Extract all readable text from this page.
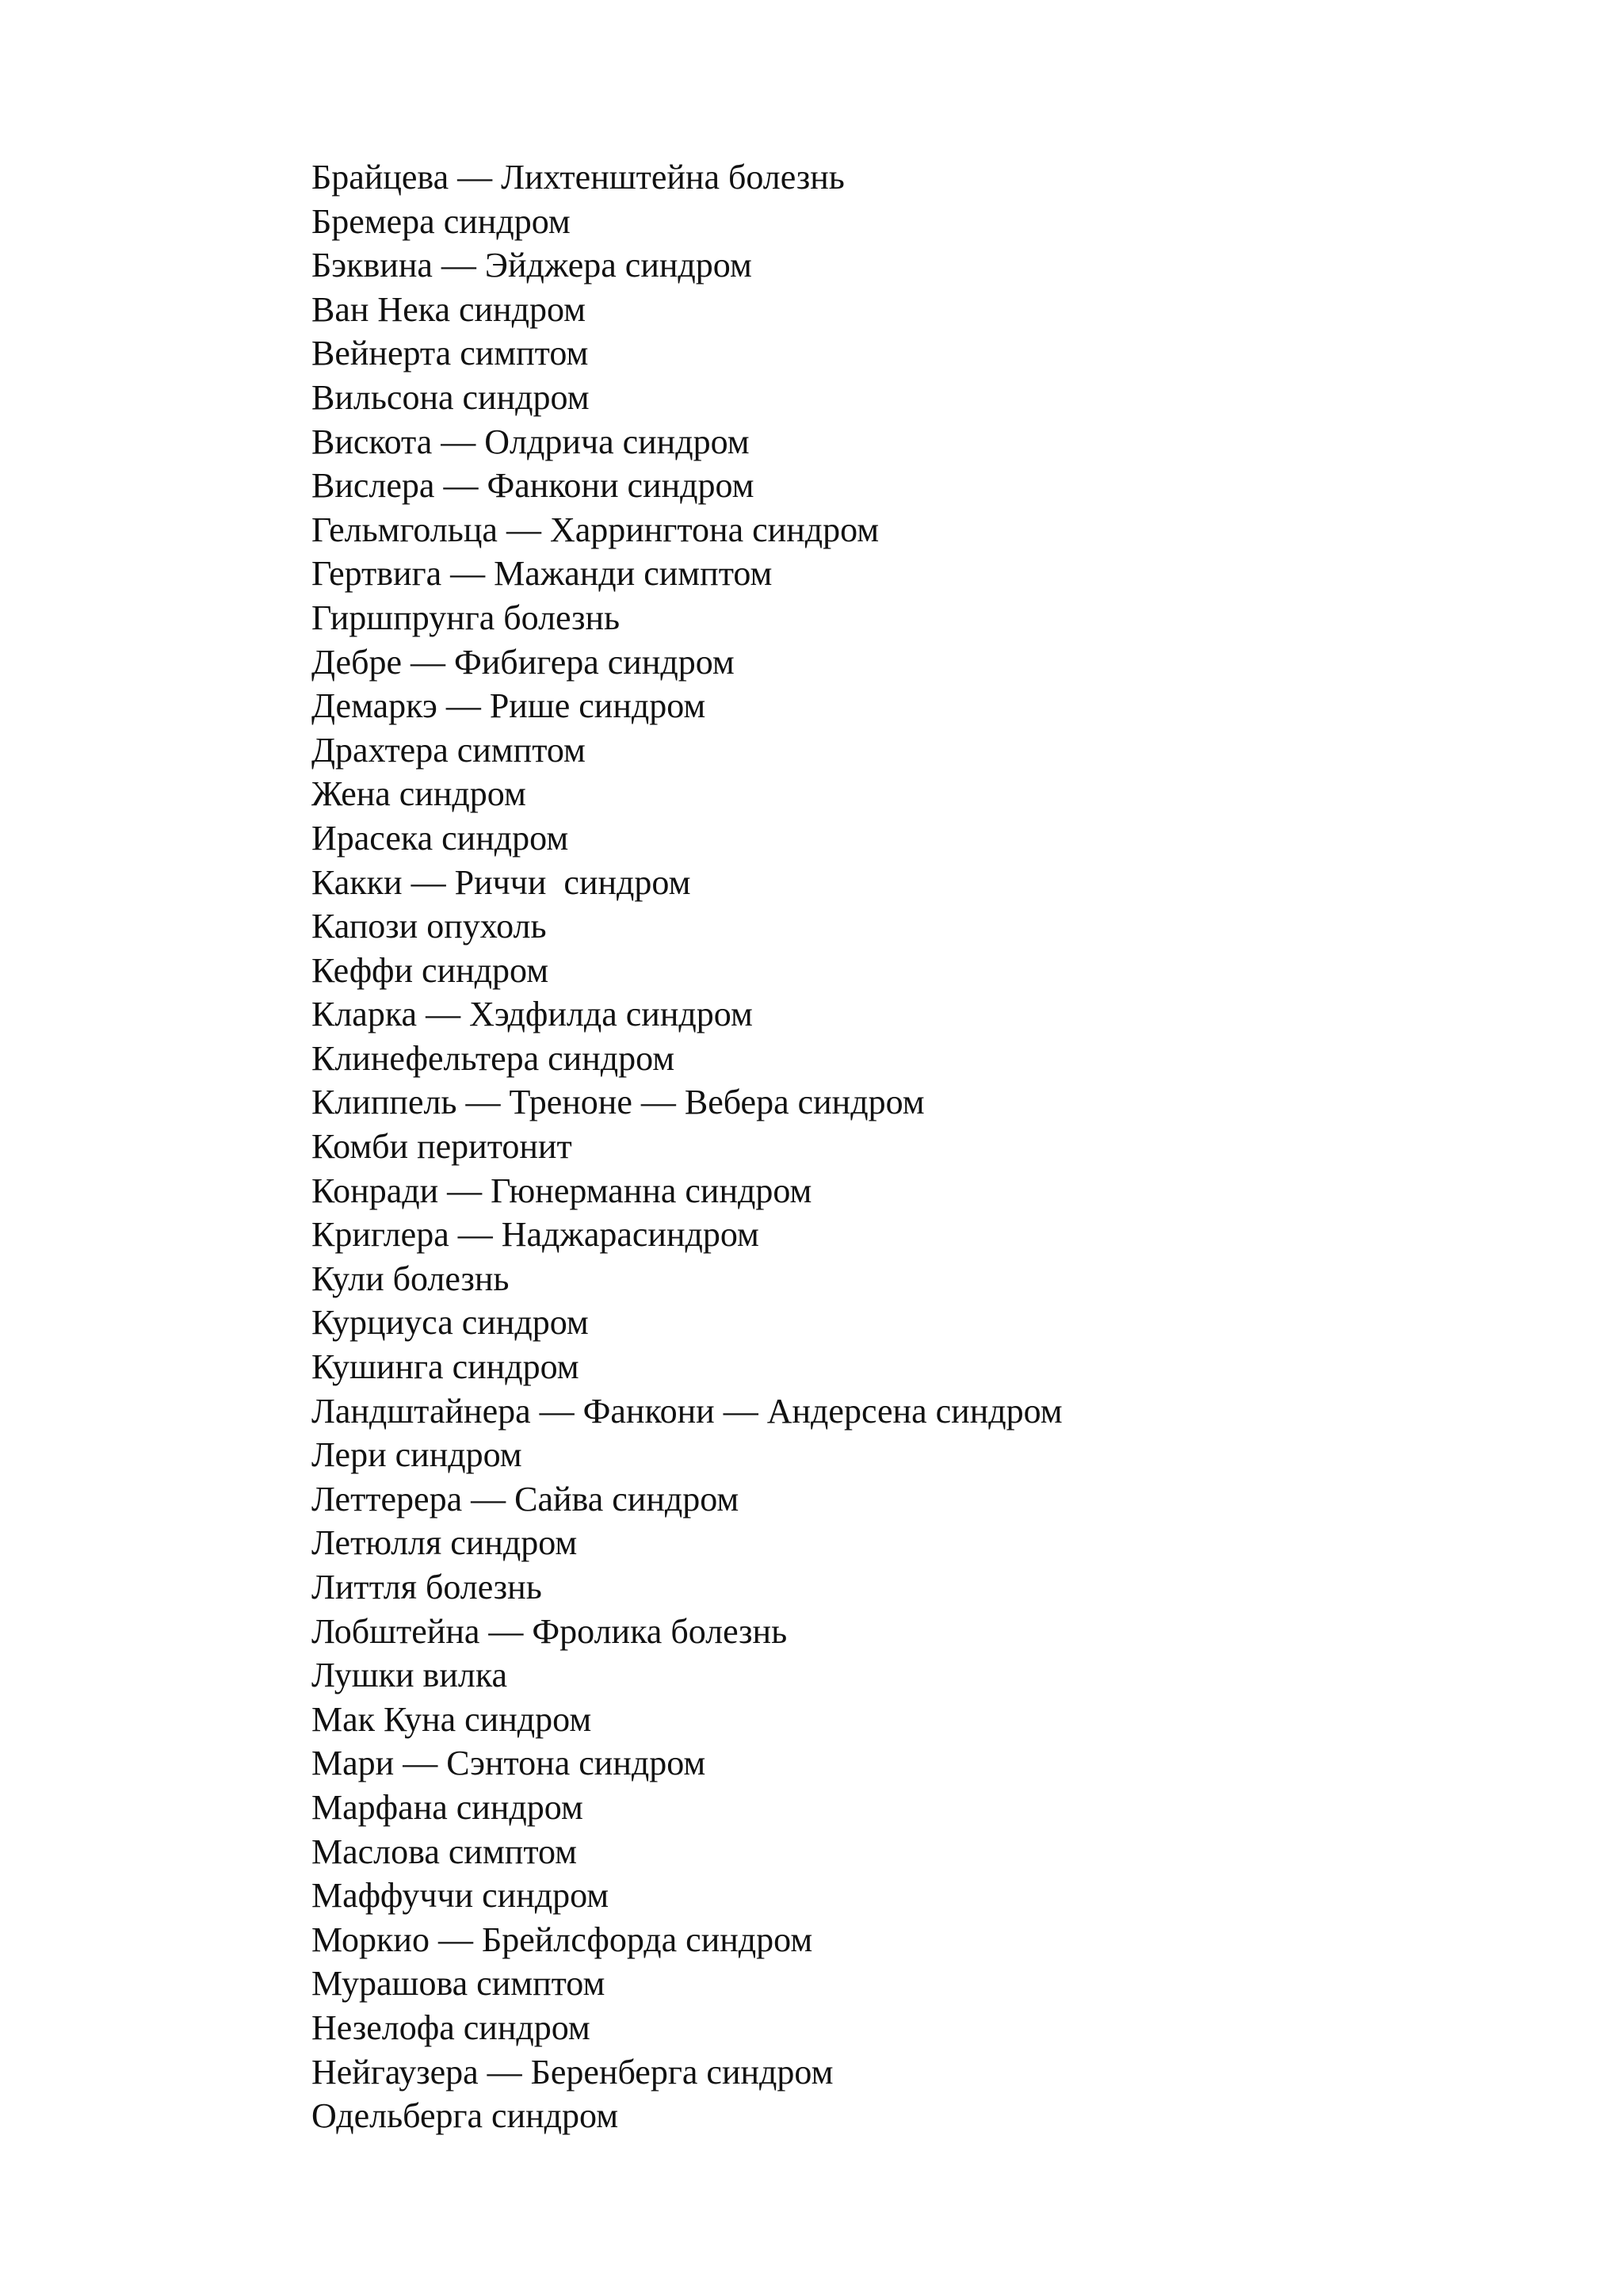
Брайцева — Лихтенштейна болезнь
Бремера синдром
Бэквина — Эйджера синдром
Ван Нека синдром
Вейнерта симптом
Вильсона синдром
Вискота — Олдрича синдром
Вислера — Фанкони синдром
Гельмгольца — Харрингтона синдром
Гертвига — Мажанди симптом
Гиршпрунга болезнь
Дебре — Фибигера синдром
Демаркэ — Рише синдром
Драхтера симптом
Жена синдром
Ирасека синдром
Какки — Риччи  синдром
Капози опухоль
Кеффи синдром
Кларка — Хэдфилда синдром
Клинефельтера синдром
Клиппель — Треноне — Вебера синдром
Комби перитонит
Конради — Гюнерманна синдром
Криглера — Наджарасиндром
Кули болезнь
Курциуса синдром
Кушинга синдром
Ландштайнера — Фанкони — Андерсена синдром
Лери синдром
Леттерера — Сайва синдром
Летюлля синдром
Литтля болезнь
Лобштейна — Фролика болезнь
Лушки вилка
Мак Куна синдром
Мари — Сэнтона синдром
Марфана синдром
Маслова симптом
Маффуччи синдром
Моркио — Брейлсфорда синдром
Мурашова симптом
Незелофа синдром
Нейгаузера — Беренберга синдром
Одельберга синдром
